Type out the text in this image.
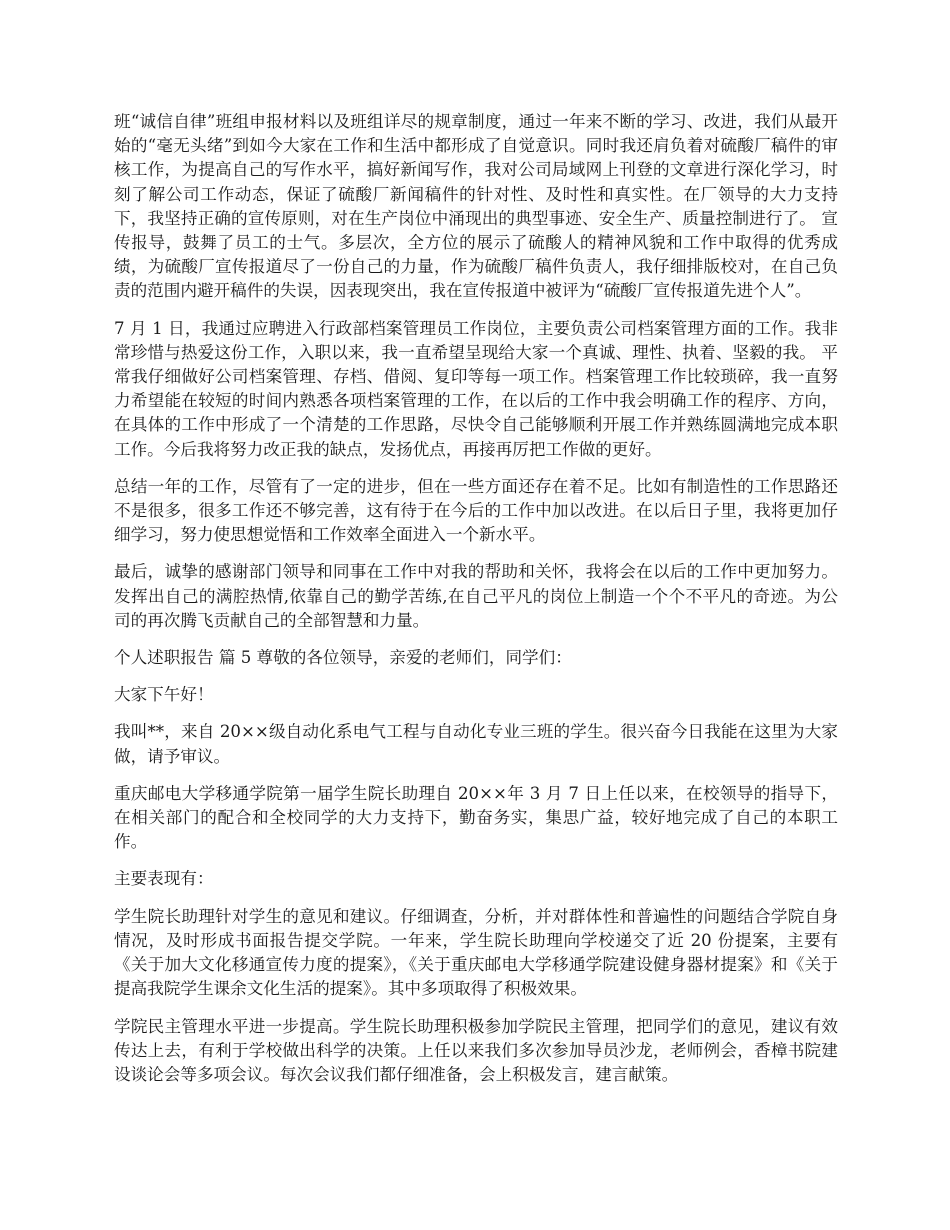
班“诚信自律”班组申报材料以及班组详尽的规章制度，通过一年来不断的学习、改进，我们从最开始的“毫无头绪”到如今大家在工作和生活中都形成了自觉意识。同时我还肩负着对硫酸厂稿件的审核工作，为提高自己的写作水平，搞好新闻写作，我对公司局域网上刊登的文章进行深化学习，时刻了解公司工作动态，保证了硫酸厂新闻稿件的针对性、及时性和真实性。在厂领导的大力支持下，我坚持正确的宣传原则，对在生产岗位中涌现出的典型事迹、安全生产、质量控制进行了。 宣传报导，鼓舞了员工的士气。多层次，全方位的展示了硫酸人的精神风貌和工作中取得的优秀成绩，为硫酸厂宣传报道尽了一份自己的力量，作为硫酸厂稿件负责人，我仔细排版校对，在自己负责的范围内避开稿件的失误，因表现突出，我在宣传报道中被评为“硫酸厂宣传报道先进个人”。

7 月 1 日，我通过应聘进入行政部档案管理员工作岗位，主要负责公司档案管理方面的工作。我非常珍惜与热爱这份工作，入职以来，我一直希望呈现给大家一个真诚、理性、执着、坚毅的我。 平常我仔细做好公司档案管理、存档、借阅、复印等每一项工作。档案管理工作比较琐碎，我一直努力希望能在较短的时间内熟悉各项档案管理的工作，在以后的工作中我会明确工作的程序、方向，在具体的工作中形成了一个清楚的工作思路，尽快令自己能够顺利开展工作并熟练圆满地完成本职工作。今后我将努力改正我的缺点，发扬优点，再接再厉把工作做的更好。

总结一年的工作，尽管有了一定的进步，但在一些方面还存在着不足。比如有制造性的工作思路还不是很多，很多工作还不够完善，这有待于在今后的工作中加以改进。在以后日子里，我将更加仔细学习，努力使思想觉悟和工作效率全面进入一个新水平。

最后，诚挚的感谢部门领导和同事在工作中对我的帮助和关怀，我将会在以后的工作中更加努力。发挥出自己的满腔热情,依靠自己的勤学苦练,在自己平凡的岗位上制造一个个不平凡的奇迹。为公司的再次腾飞贡献自己的全部智慧和力量。

个人述职报告 篇 5 尊敬的各位领导，亲爱的老师们，同学们：

大家下午好！

我叫**，来自 20××级自动化系电气工程与自动化专业三班的学生。很兴奋今日我能在这里为大家做，请予审议。

重庆邮电大学移通学院第一届学生院长助理自 20××年 3 月 7 日上任以来，在校领导的指导下，在相关部门的配合和全校同学的大力支持下，勤奋务实，集思广益，较好地完成了自己的本职工作。

主要表现有：

学生院长助理针对学生的意见和建议。仔细调查，分析，并对群体性和普遍性的问题结合学院自身情况，及时形成书面报告提交学院。一年来，学生院长助理向学校递交了近 20 份提案，主要有《关于加大文化移通宣传力度的提案》，《关于重庆邮电大学移通学院建设健身器材提案》和《关于提高我院学生课余文化生活的提案》。其中多项取得了积极效果。

学院民主管理水平进一步提高。学生院长助理积极参加学院民主管理，把同学们的意见，建议有效传达上去，有利于学校做出科学的决策。上任以来我们多次参加导员沙龙，老师例会，香樟书院建设谈论会等多项会议。每次会议我们都仔细准备，会上积极发言，建言献策。
